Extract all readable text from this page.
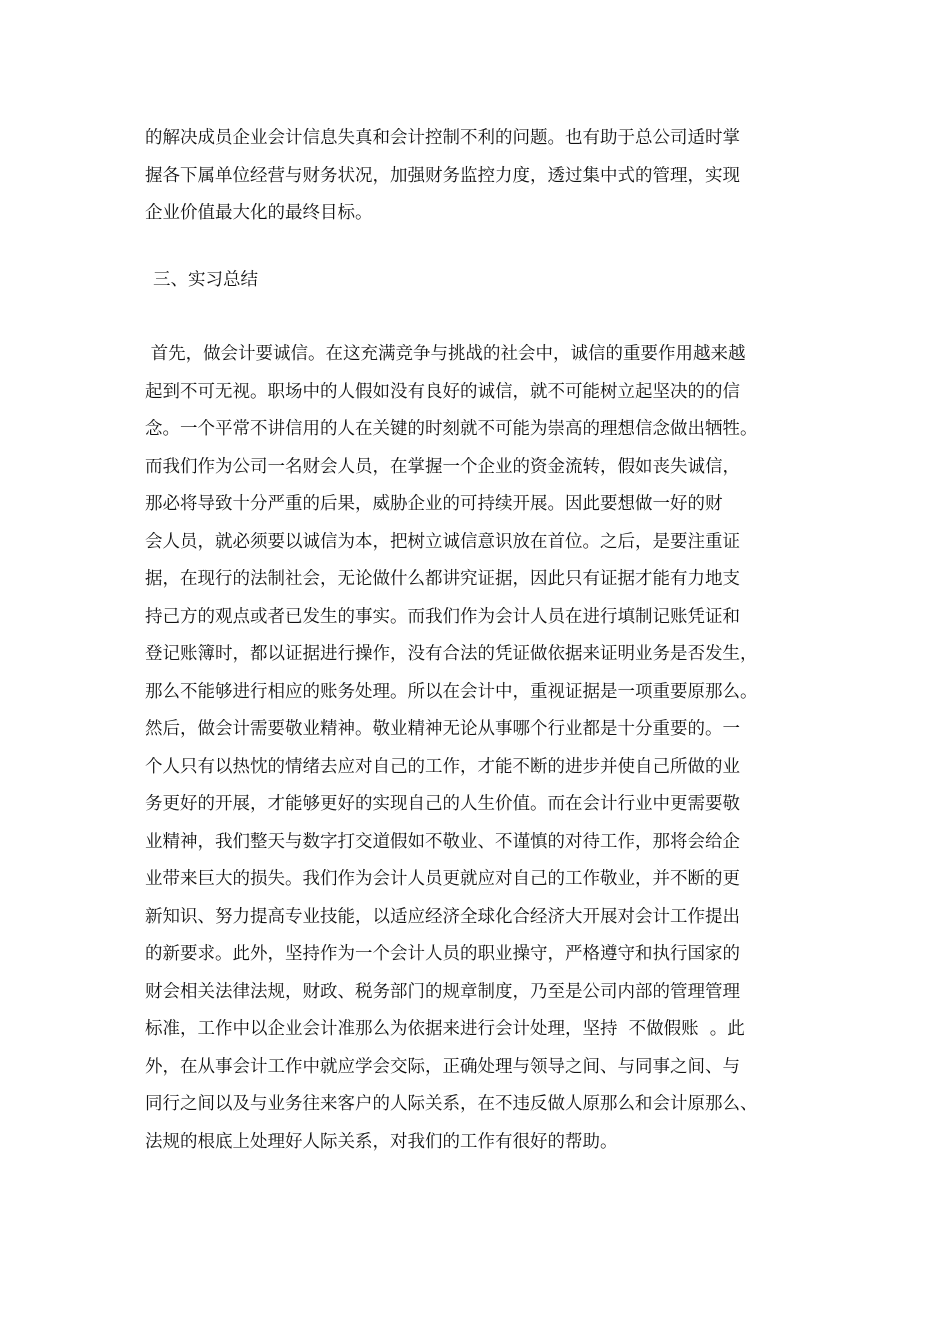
的解决成员企业会计信息失真和会计控制不利的问题。也有助于总公司适时掌
握各下属单位经营与财务状况，加强财务监控力度，透过集中式的管理，实现
企业价值最大化的最终目标。
三、实习总结
首先，做会计要诚信。在这充满竞争与挑战的社会中，诚信的重要作用越来越
起到不可无视。职场中的人假如没有良好的诚信，就不可能树立起坚决的的信
念。一个平常不讲信用的人在关键的时刻就不可能为崇高的理想信念做出牺牲。
而我们作为公司一名财会人员，在掌握一个企业的资金流转，假如丧失诚信，
那必将导致十分严重的后果，威胁企业的可持续开展。因此要想做一好的财
会人员，就必须要以诚信为本，把树立诚信意识放在首位。之后，是要注重证
据，在现行的法制社会，无论做什么都讲究证据，因此只有证据才能有力地支
持己方的观点或者已发生的事实。而我们作为会计人员在进行填制记账凭证和
登记账簿时，都以证据进行操作，没有合法的凭证做依据来证明业务是否发生，
那么不能够进行相应的账务处理。所以在会计中，重视证据是一项重要原那么。
然后，做会计需要敬业精神。敬业精神无论从事哪个行业都是十分重要的。一
个人只有以热忱的情绪去应对自己的工作，才能不断的进步并使自己所做的业
务更好的开展，才能够更好的实现自己的人生价值。而在会计行业中更需要敬
业精神，我们整天与数字打交道假如不敬业、不谨慎的对待工作，那将会给企
业带来巨大的损失。我们作为会计人员更就应对自己的工作敬业，并不断的更
新知识、努力提高专业技能，以适应经济全球化合经济大开展对会计工作提出
的新要求。此外，坚持作为一个会计人员的职业操守，严格遵守和执行国家的
财会相关法律法规，财政、税务部门的规章制度，乃至是公司内部的管理管理
标准，工作中以企业会计准那么为依据来进行会计处理，坚持  不做假账  。此
外，在从事会计工作中就应学会交际，正确处理与领导之间、与同事之间、与
同行之间以及与业务往来客户的人际关系，在不违反做人原那么和会计原那么、
法规的根底上处理好人际关系，对我们的工作有很好的帮助。
